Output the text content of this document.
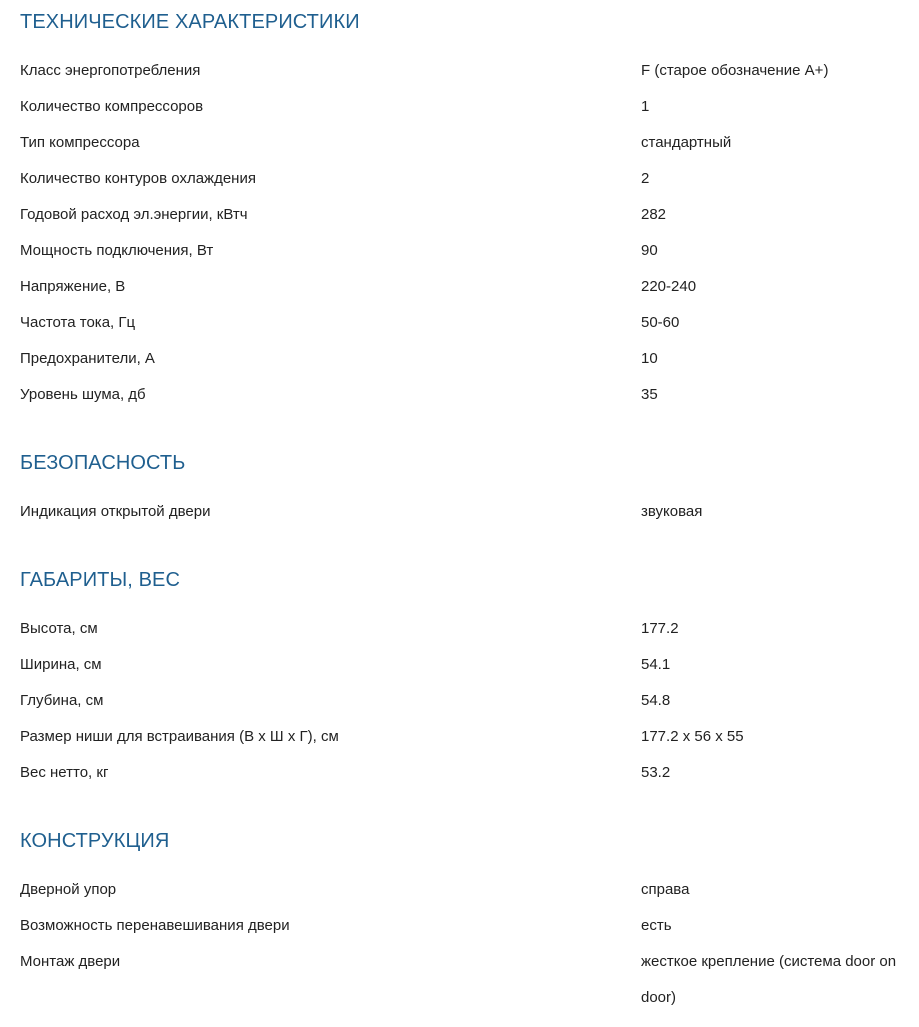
ТЕХНИЧЕСКИЕ ХАРАКТЕРИСТИКИ
Класс энергопотребления	F (старое обозначение A+)
Количество компрессоров	1
Тип компрессора	стандартный
Количество контуров охлаждения	2
Годовой расход эл.энергии, кВтч	282
Мощность подключения, Вт	90
Напряжение, В	220-240
Частота тока, Гц	50-60
Предохранители, А	10
Уровень шума, дб	35
БЕЗОПАСНОСТЬ
Индикация открытой двери	звуковая
ГАБАРИТЫ, ВЕС
Высота, см	177.2
Ширина, см	54.1
Глубина, см	54.8
Размер ниши для встраивания (В х Ш х Г), см	177.2 х 56 х 55
Вес нетто, кг	53.2
КОНСТРУКЦИЯ
Дверной упор	справа
Возможность перенавешивания двери	есть
Монтаж двери	жесткое крепление (система door on door)
